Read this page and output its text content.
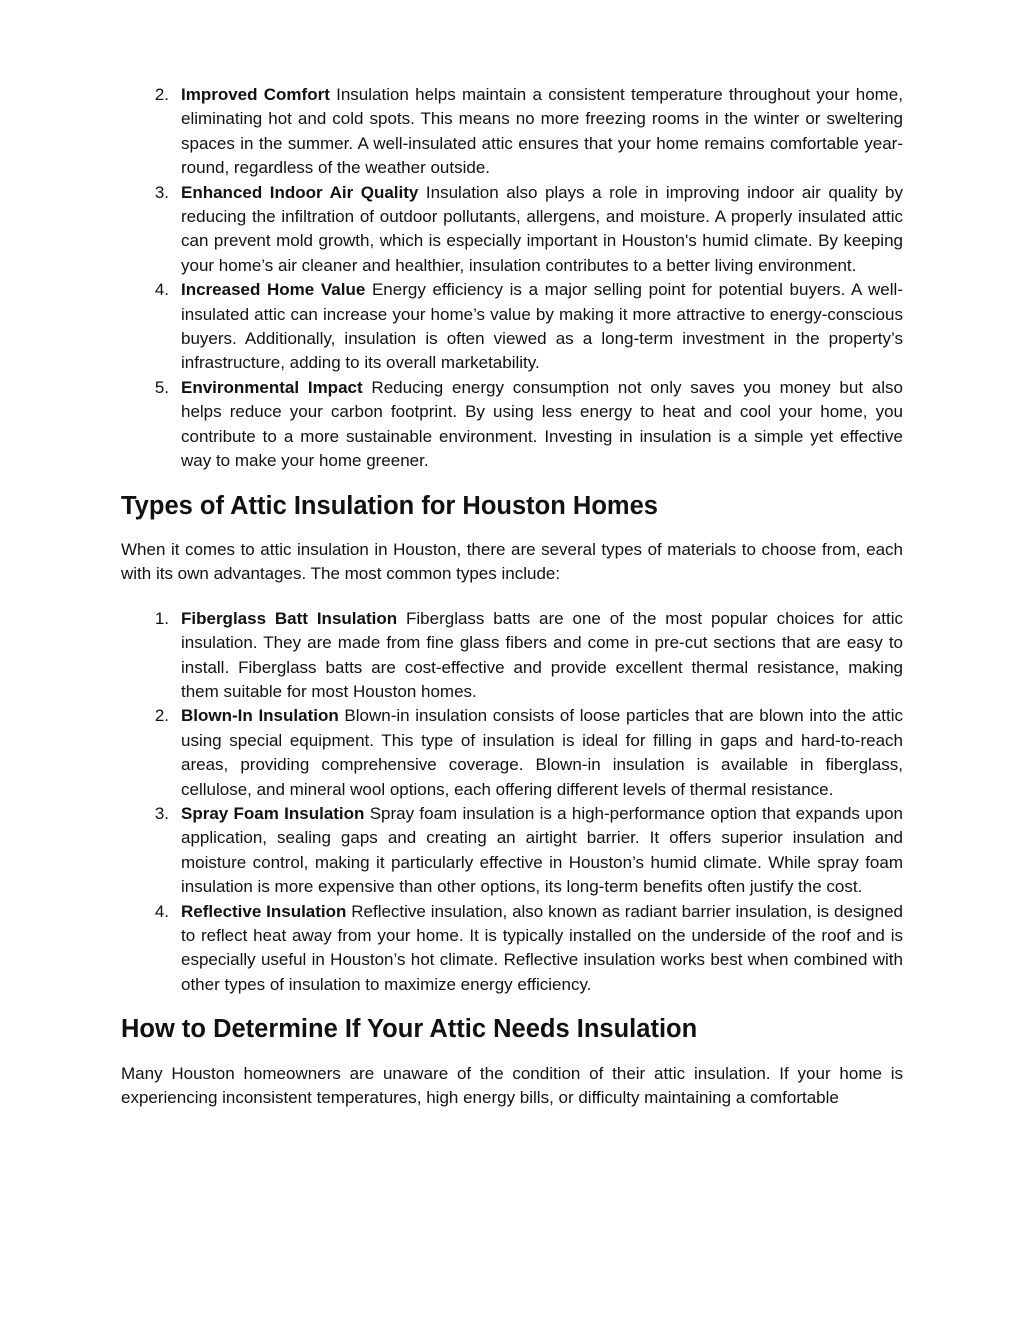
2. Improved Comfort Insulation helps maintain a consistent temperature throughout your home, eliminating hot and cold spots. This means no more freezing rooms in the winter or sweltering spaces in the summer. A well-insulated attic ensures that your home remains comfortable year-round, regardless of the weather outside.
3. Enhanced Indoor Air Quality Insulation also plays a role in improving indoor air quality by reducing the infiltration of outdoor pollutants, allergens, and moisture. A properly insulated attic can prevent mold growth, which is especially important in Houston's humid climate. By keeping your home’s air cleaner and healthier, insulation contributes to a better living environment.
4. Increased Home Value Energy efficiency is a major selling point for potential buyers. A well-insulated attic can increase your home’s value by making it more attractive to energy-conscious buyers. Additionally, insulation is often viewed as a long-term investment in the property’s infrastructure, adding to its overall marketability.
5. Environmental Impact Reducing energy consumption not only saves you money but also helps reduce your carbon footprint. By using less energy to heat and cool your home, you contribute to a more sustainable environment. Investing in insulation is a simple yet effective way to make your home greener.
Types of Attic Insulation for Houston Homes

When it comes to attic insulation in Houston, there are several types of materials to choose from, each with its own advantages. The most common types include:

1. Fiberglass Batt Insulation Fiberglass batts are one of the most popular choices for attic insulation. They are made from fine glass fibers and come in pre-cut sections that are easy to install. Fiberglass batts are cost-effective and provide excellent thermal resistance, making them suitable for most Houston homes.
2. Blown-In Insulation Blown-in insulation consists of loose particles that are blown into the attic using special equipment. This type of insulation is ideal for filling in gaps and hard-to-reach areas, providing comprehensive coverage. Blown-in insulation is available in fiberglass, cellulose, and mineral wool options, each offering different levels of thermal resistance.
3. Spray Foam Insulation Spray foam insulation is a high-performance option that expands upon application, sealing gaps and creating an airtight barrier. It offers superior insulation and moisture control, making it particularly effective in Houston’s humid climate. While spray foam insulation is more expensive than other options, its long-term benefits often justify the cost.
4. Reflective Insulation Reflective insulation, also known as radiant barrier insulation, is designed to reflect heat away from your home. It is typically installed on the underside of the roof and is especially useful in Houston’s hot climate. Reflective insulation works best when combined with other types of insulation to maximize energy efficiency.
How to Determine If Your Attic Needs Insulation

Many Houston homeowners are unaware of the condition of their attic insulation. If your home is experiencing inconsistent temperatures, high energy bills, or difficulty maintaining a comfortable
